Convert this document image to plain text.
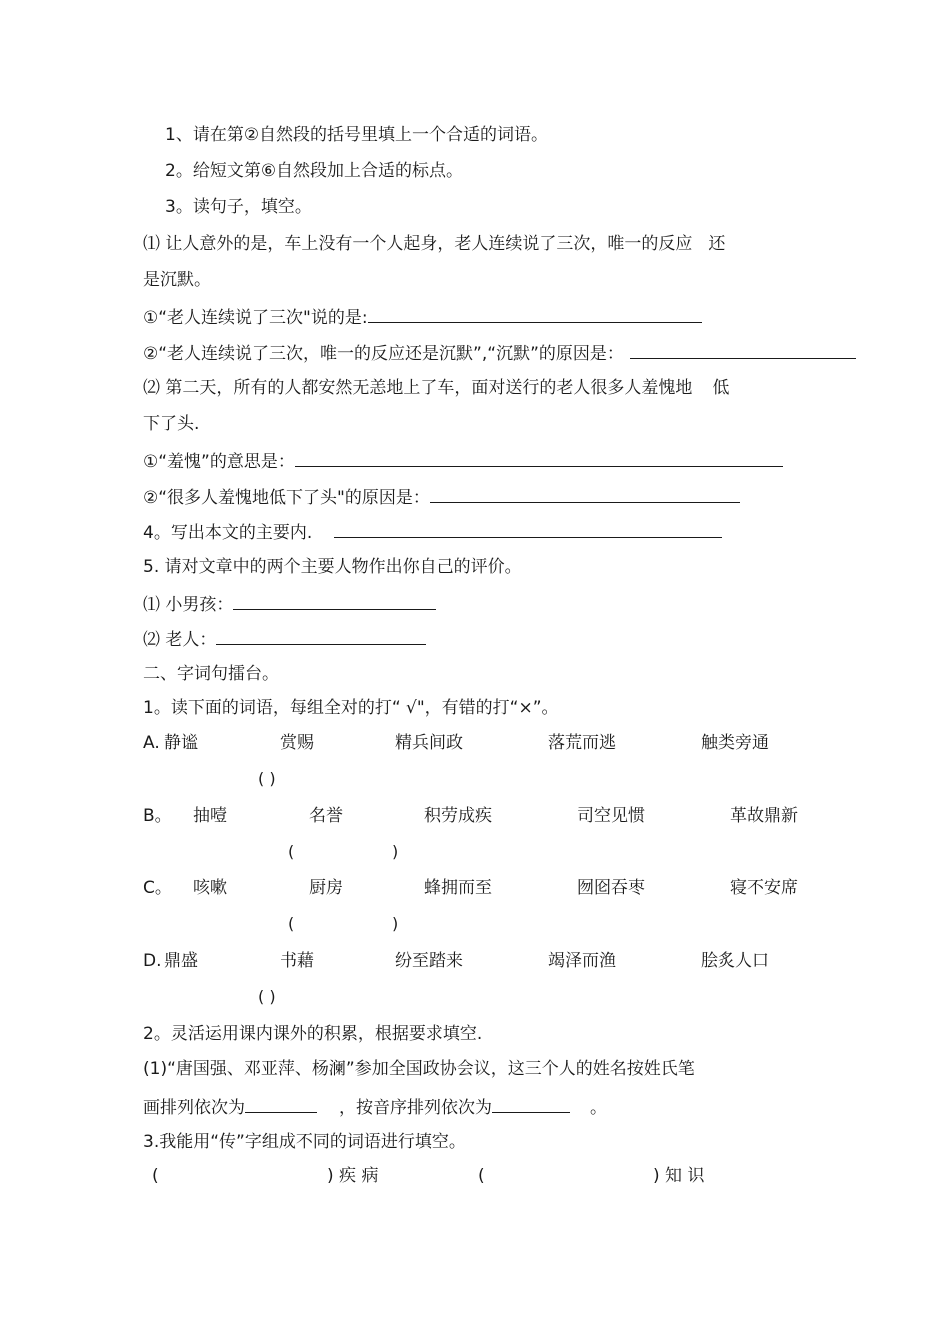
1、请在第②自然段的括号里填上一个合适的词语。
2。给短文第⑥自然段加上合适的标点。
3。读句子，填空。
⑴ 让人意外的是，车上没有一个人起身，老人连续说了三次，唯一的反应 还
是沉默。
①“老人连续说了三次"说的是:
②“老人连续说了三次，唯一的反应还是沉默”,“沉默”的原因是：
⑵ 第二天，所有的人都安然无恙地上了车，面对送行的老人很多人羞愧地 低
下了头.
①“羞愧”的意思是：
②“很多人羞愧地低下了头"的原因是：
4。写出本文的主要内.
5. 请对文章中的两个主要人物作出你自己的评价。
⑴ 小男孩：
⑵ 老人：
二、字词句擂台。
1。读下面的词语，每组全对的打“ √"，有错的打“×”。
A. 静谧	赏赐	精兵间政	落荒而逃	触类旁通
( )
B。 抽噎	名誉	积劳成疾	司空见惯	革故鼎新
(	)
C。 咳嗽	厨房	蜂拥而至	囫囵吞枣	寝不安席
(	)
D. 鼎盛	书藉	纷至踏来	竭泽而渔	脍炙人口
( )
2。灵活运用课内课外的积累，根据要求填空.
(1)“唐国强、邓亚萍、杨澜”参加全国政协会议，这三个人的姓名按姓氏笔
画排列依次为	，按音序排列依次为	。
3.我能用“传”字组成不同的词语进行填空。
(	) 疾 病	(	) 知 识
